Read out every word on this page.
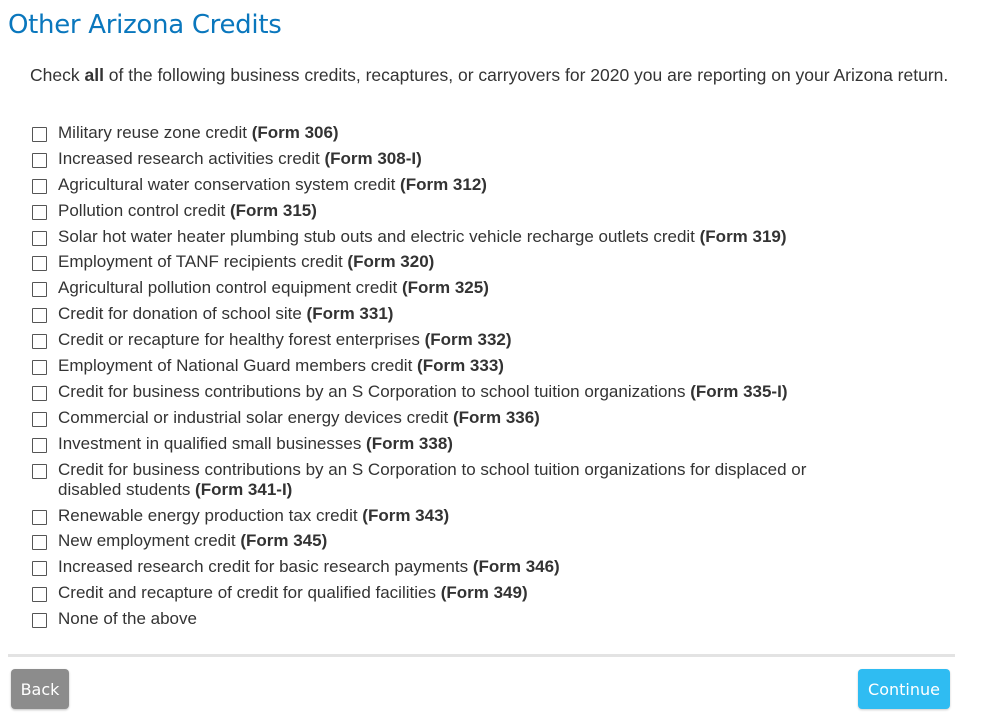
Other Arizona Credits

Check all of the following business credits, recaptures, or carryovers for 2020 you are reporting on your Arizona return.

Military reuse zone credit (Form 306)
Increased research activities credit (Form 308-I)
Agricultural water conservation system credit (Form 312)
Pollution control credit (Form 315)
Solar hot water heater plumbing stub outs and electric vehicle recharge outlets credit (Form 319)
Employment of TANF recipients credit (Form 320)
Agricultural pollution control equipment credit (Form 325)
Credit for donation of school site (Form 331)
Credit or recapture for healthy forest enterprises (Form 332)
Employment of National Guard members credit (Form 333)
Credit for business contributions by an S Corporation to school tuition organizations (Form 335-I)
Commercial or industrial solar energy devices credit (Form 336)
Investment in qualified small businesses (Form 338)
Credit for business contributions by an S Corporation to school tuition organizations for displaced or disabled students (Form 341-I)
Renewable energy production tax credit (Form 343)
New employment credit (Form 345)
Increased research credit for basic research payments (Form 346)
Credit and recapture of credit for qualified facilities (Form 349)
None of the above
Back	Continue
